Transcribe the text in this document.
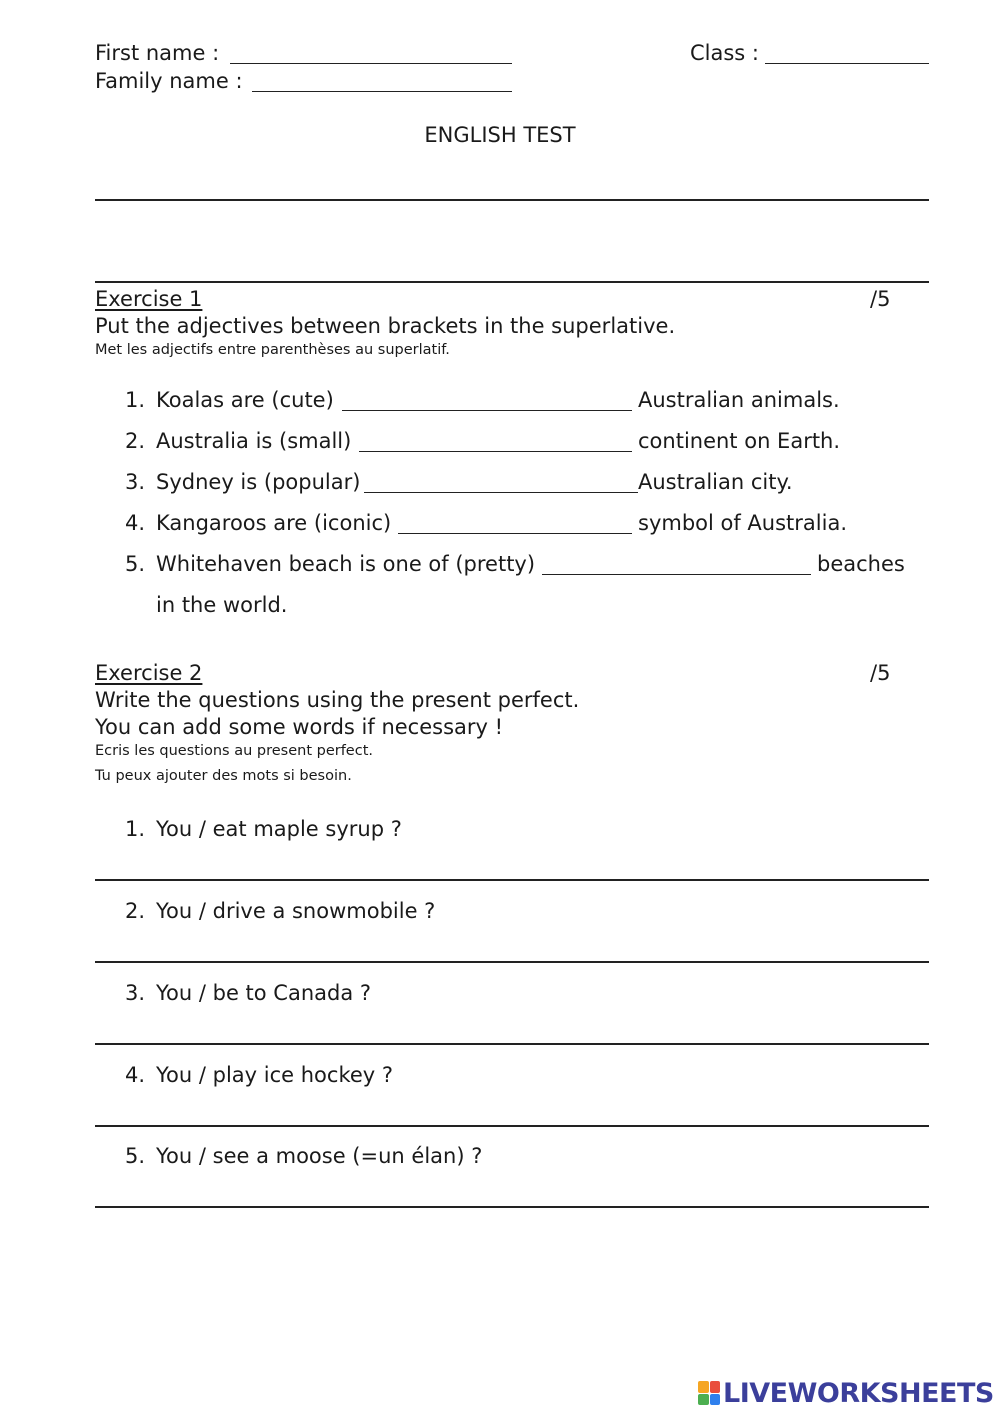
First name :
Family name :
Class :
ENGLISH TEST
Exercise 1	/5
Put the adjectives between brackets in the superlative.
Met les adjectifs entre parenthèses au superlatif.
1. Koalas are (cute)	Australian animals.
2. Australia is (small)	continent on Earth.
3. Sydney is (popular)	Australian city.
4. Kangaroos are (iconic)	symbol of Australia.
5. Whitehaven beach is one of (pretty)	beaches
in the world.
Exercise 2	/5
Write the questions using the present perfect.
You can add some words if necessary !
Ecris les questions au present perfect.
Tu peux ajouter des mots si besoin.
1. You / eat maple syrup ?
2. You / drive a snowmobile ?
3. You / be to Canada ?
4. You / play ice hockey ?
5. You / see a moose (=un élan) ?
LIVEWORKSHEETS
